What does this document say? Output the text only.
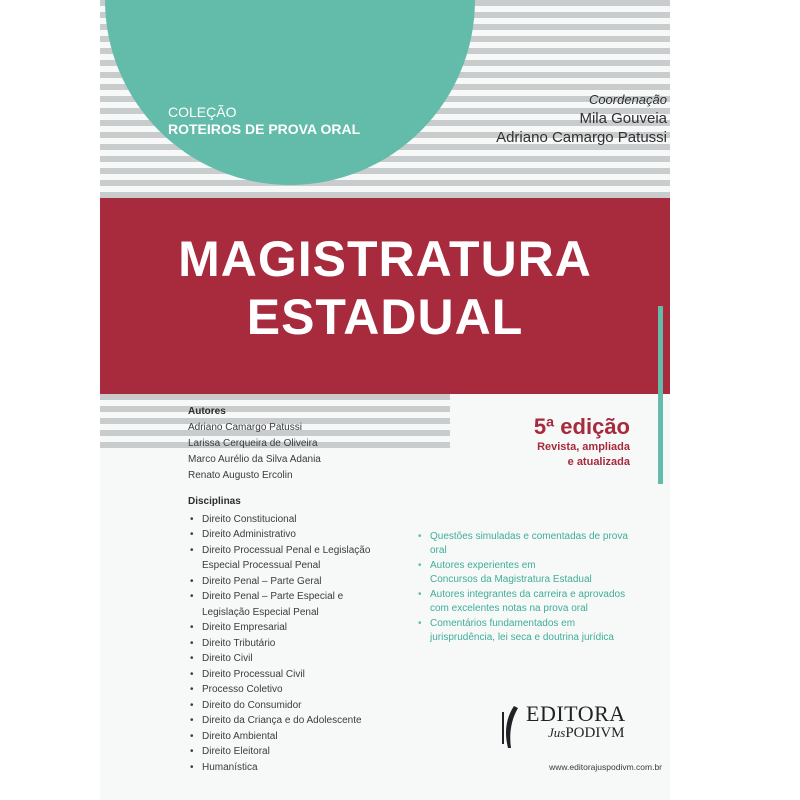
COLEÇÃO
ROTEIROS DE PROVA ORAL
Coordenação
Mila Gouveia
Adriano Camargo Patussi
MAGISTRATURA
ESTADUAL
5ª edição
Revista, ampliada
e atualizada
Autores
Adriano Camargo Patussi
Larissa Cerqueira de Oliveira
Marco Aurélio da Silva Adania
Renato Augusto Ercolin
Disciplinas
• Direito Constitucional
• Direito Administrativo
• Direito Processual Penal e Legislação
Especial Processual Penal
• Direito Penal – Parte Geral
• Direito Penal – Parte Especial e
Legislação Especial Penal
• Direito Empresarial
• Direito Tributário
• Direito Civil
• Direito Processual Civil
• Processo Coletivo
• Direito do Consumidor
• Direito da Criança e do Adolescente
• Direito Ambiental
• Direito Eleitoral
• Humanística
• Questões simuladas e comentadas de prova
oral
• Autores experientes em
Concursos da Magistratura Estadual
• Autores integrantes da carreira e aprovados
com excelentes notas na prova oral
• Comentários fundamentados em
jurisprudência, lei seca e doutrina jurídica
EDITORA
JusPODIVM
www.editorajuspodivm.com.br
